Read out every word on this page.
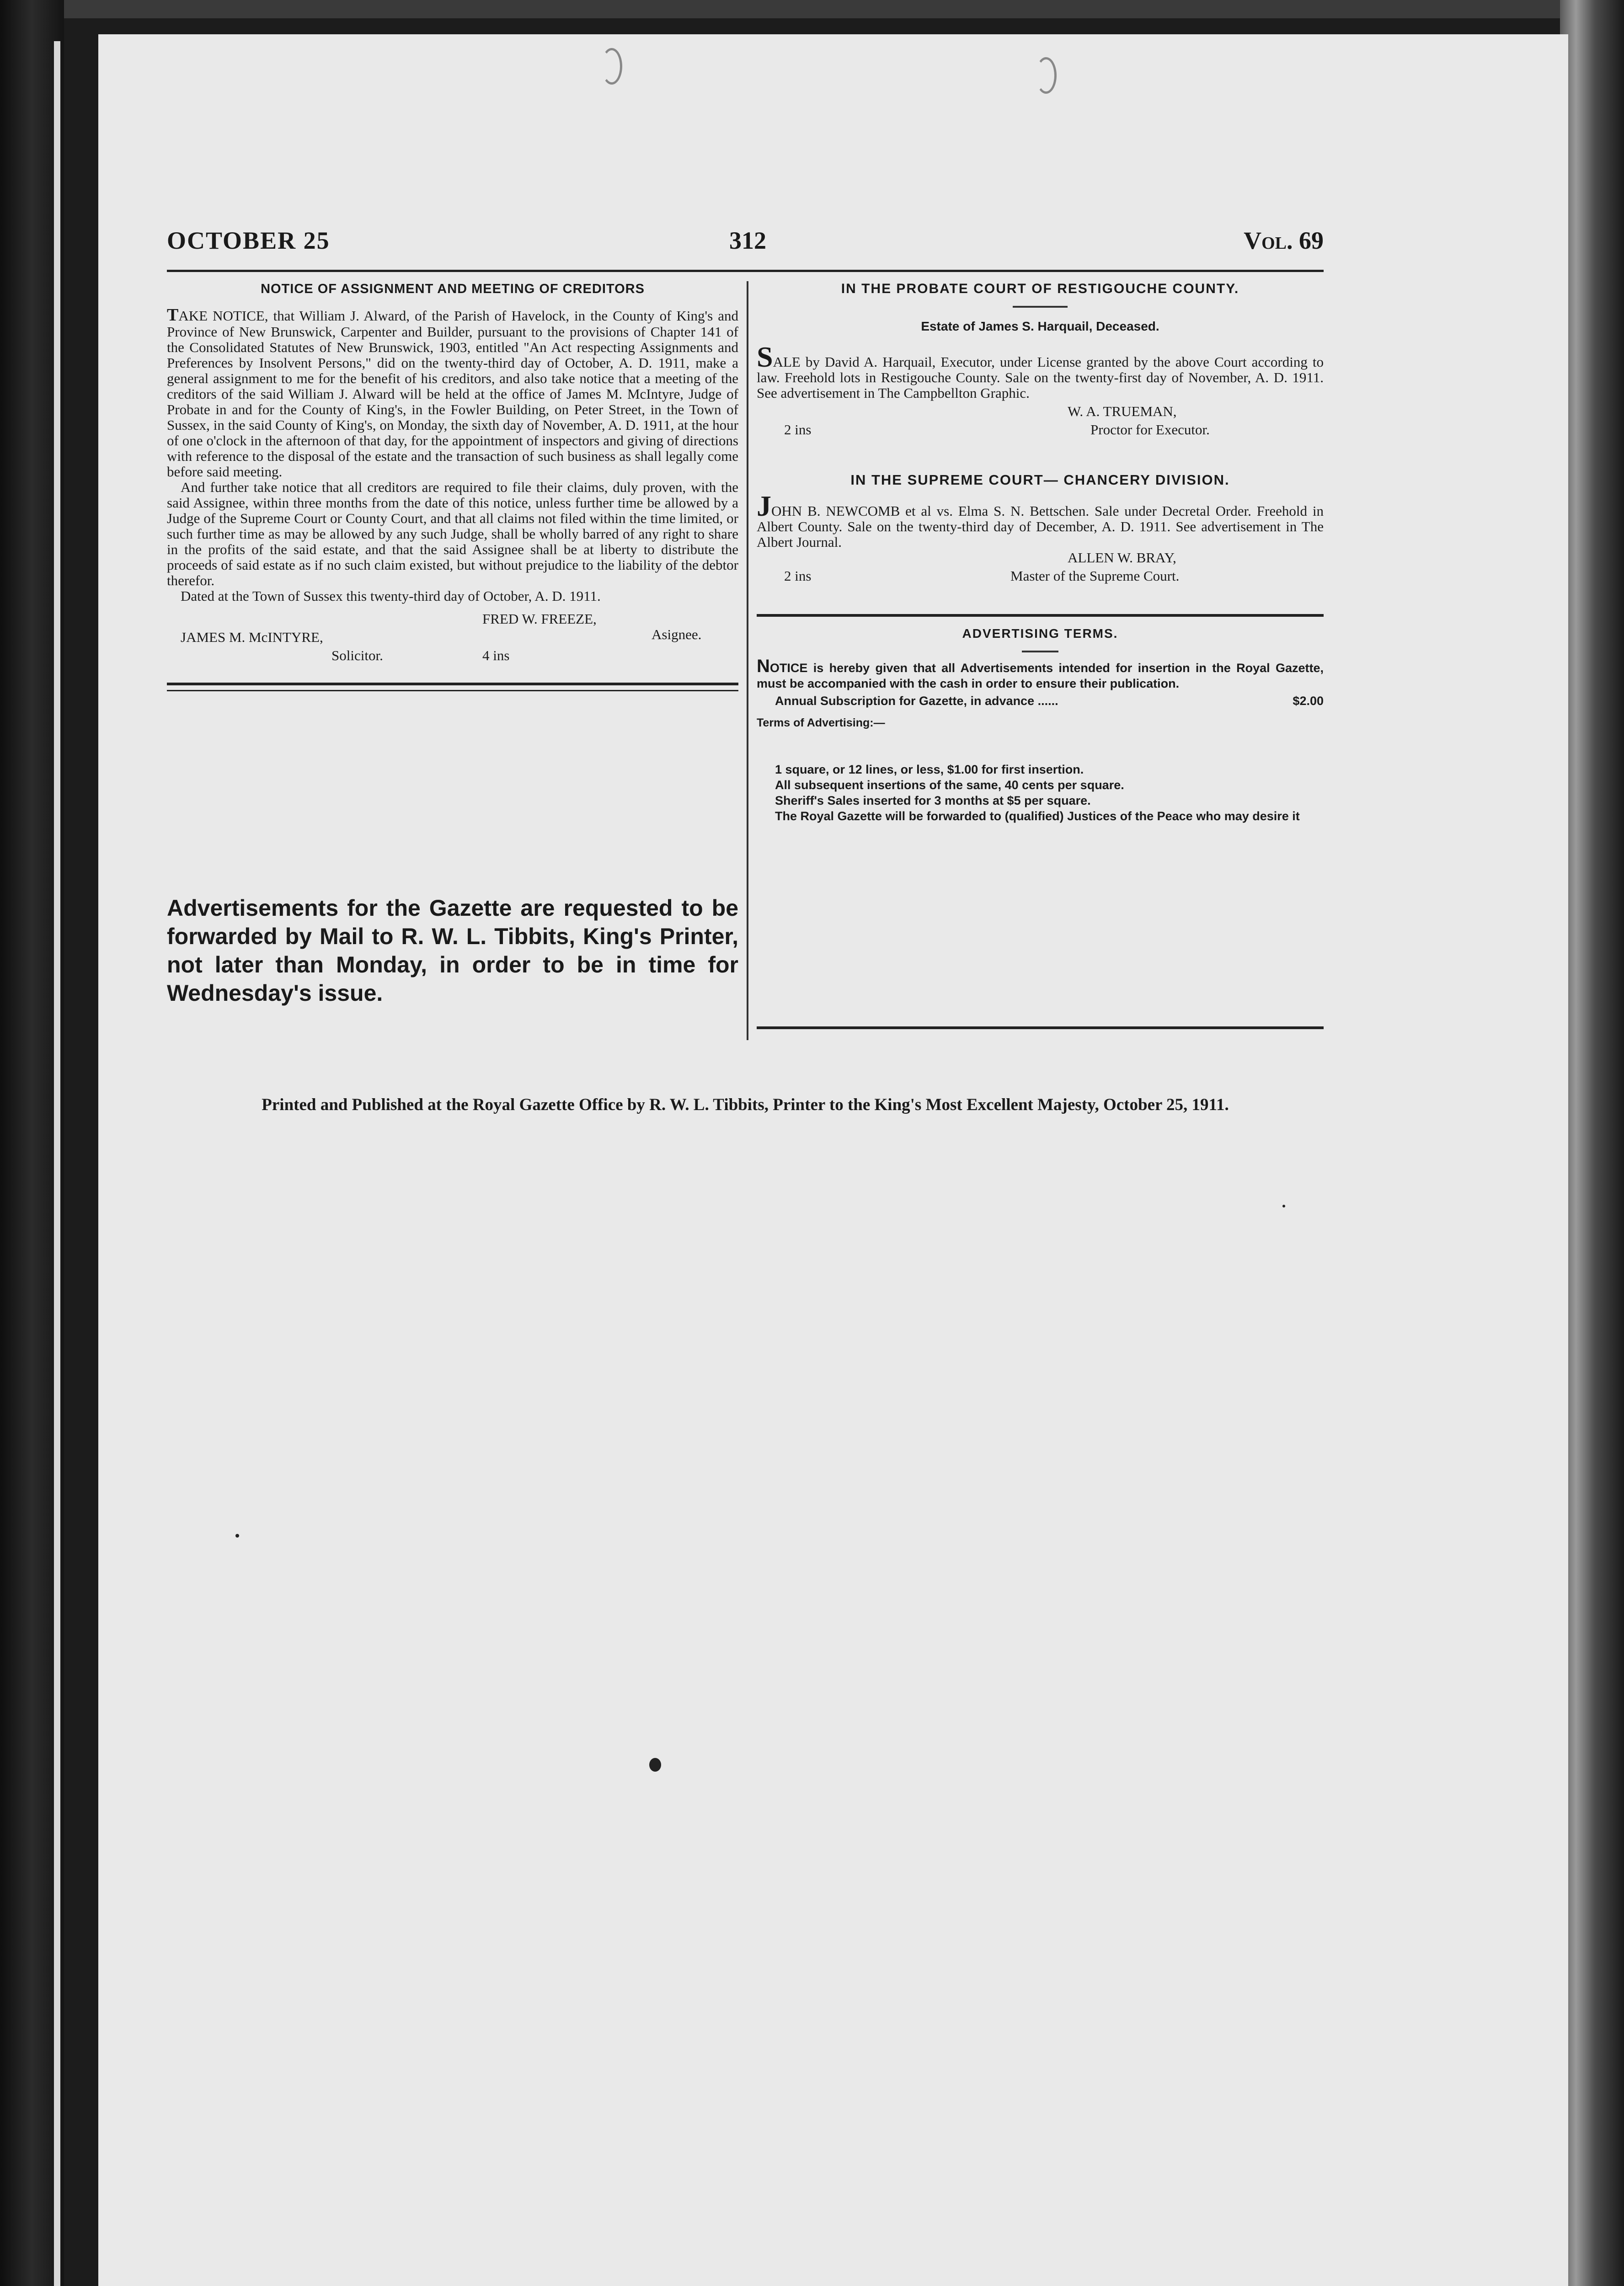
OCTOBER 25	312	Vol. 69
NOTICE OF ASSIGNMENT AND MEETING OF CREDITORS

TAKE NOTICE, that William J. Alward, of the Parish of Havelock, in the County of King's and Province of New Brunswick, Carpenter and Builder, pursuant to the provisions of Chapter 141 of the Consolidated Statutes of New Brunswick, 1903, entitled "An Act respecting Assignments and Preferences by Insolvent Persons," did on the twenty-third day of October, A. D. 1911, make a general assignment to me for the benefit of his creditors, and also take notice that a meeting of the creditors of the said William J. Alward will be held at the office of James M. McIntyre, Judge of Probate in and for the County of King's, in the Fowler Building, on Peter Street, in the Town of Sussex, in the said County of King's, on Monday, the sixth day of November, A. D. 1911, at the hour of one o'clock in the afternoon of that day, for the appointment of inspectors and giving of directions with reference to the disposal of the estate and the transaction of such business as shall legally come before said meeting.

And further take notice that all creditors are required to file their claims, duly proven, with the said Assignee, within three months from the date of this notice, unless further time be allowed by a Judge of the Supreme Court or County Court, and that all claims not filed within the time limited, or such further time as may be allowed by any such Judge, shall be wholly barred of any right to share in the profits of the said estate, and that the said Assignee shall be at liberty to distribute the proceeds of said estate as if no such claim existed, but without prejudice to the liability of the debtor therefor.

Dated at the Town of Sussex this twenty-third day of October, A. D. 1911.

FRED W. FREEZE,
JAMES M. McINTYRE,	Asignee.
Solicitor.	4 ins
Advertisements for the Gazette are requested to be forwarded by Mail to R. W. L. Tibbits, King's Printer, not later than Monday, in order to be in time for Wednesday's issue.
IN THE PROBATE COURT OF RESTIGOUCHE COUNTY.
Estate of James S. Harquail, Deceased.

SALE by David A. Harquail, Executor, under License granted by the above Court according to law. Freehold lots in Restigouche County. Sale on the twenty-first day of November, A. D. 1911. See advertisement in The Campbellton Graphic.

W. A. TRUEMAN,
2 ins	Proctor for Executor.
IN THE SUPREME COURT— CHANCERY DIVISION.

JOHN B. NEWCOMB et al vs. Elma S. N. Bettschen. Sale under Decretal Order. Freehold in Albert County. Sale on the twenty-third day of December, A. D. 1911. See advertisement in The Albert Journal.

ALLEN W. BRAY,
2 ins	Master of the Supreme Court.
ADVERTISING TERMS.

NOTICE is hereby given that all Advertisements intended for insertion in the Royal Gazette, must be accompanied with the cash in order to ensure their publication.

Annual Subscription for Gazette, in advance ......	$2.00
Terms of Advertising:—
1 square, or 12 lines, or less, $1.00 for first insertion.
All subsequent insertions of the same, 40 cents per square.
Sheriff's Sales inserted for 3 months at $5 per square.
The Royal Gazette will be forwarded to (qualified) Justices of the Peace who may desire it
Printed and Published at the Royal Gazette Office by R. W. L. Tibbits, Printer to the King's Most Excellent Majesty, October 25, 1911.
